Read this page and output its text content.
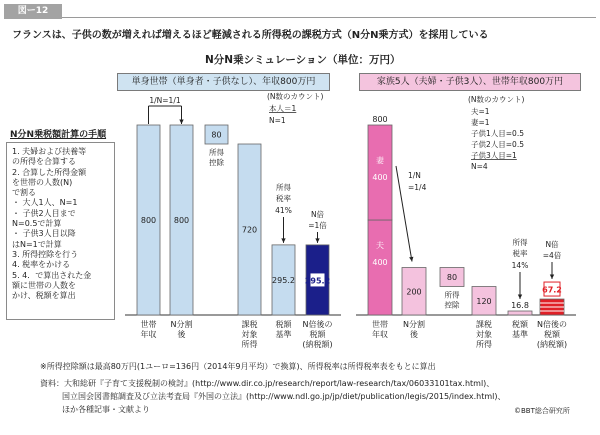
図ー12
フランスは、子供の数が増えれば増えるほど軽減される所得税の課税方式（N分N乗方式）を採用している
N分N乗シミュレーション（単位：万円）
単身世帯（単身者・子供なし）、年収800万円	家族5人（夫婦・子供3人）、世帯年収800万円
N分N乗税額計算の手順
1. 夫婦および扶養等
の所得を合算する
2. 合算した所得金額
を世帯の人数(N)
で割る
・ 大人1人、N=1
・ 子供2人目まで
N=0.5で計算
・ 子供3人目以降
はN=1で計算
3. 所得控除を行う
4. 税率をかける
5. 4．で算出された金
額に世帯の人数を
かけ、税額を算出
800 800
80
所得
控除
720
295.2 295.2
世帯
年収
N分割
後
課税
対象
所得
税額
基準
N倍後の
税額
(納税額)
1/N=1/1	(N数のカウント)
本人＝1
N=1
所得
税率
41%	N倍
=1倍
妻
400
夫
400
800
200
80
所得
控除 120 16.8
67.2
世帯
年収
N分割
後
課税
対象
所得
税額
基準
N倍後の
税額
(納税額)
1/N
=1/4
(N数のカウント)
夫=1
妻=1
子供1人目=0.5
子供2人目=0.5
子供3人目=1
N=4
所得
税率
14%
N倍
=4倍
※所得控除額は最高80万円(1ユーロ=136円（2014年9月平均）で換算)、所得税率は所得税率表をもとに算出
資料：大和総研『子育て支援税制の検討』(http://www.dir.co.jp/research/report/law-research/tax/06033101tax.html)、
国立国会図書館調査及び立法考査局『外国の立法』(http://www.ndl.go.jp/jp/diet/publication/legis/2015/index.html)、
ほか各種記事・文献より	©BBT総合研究所
